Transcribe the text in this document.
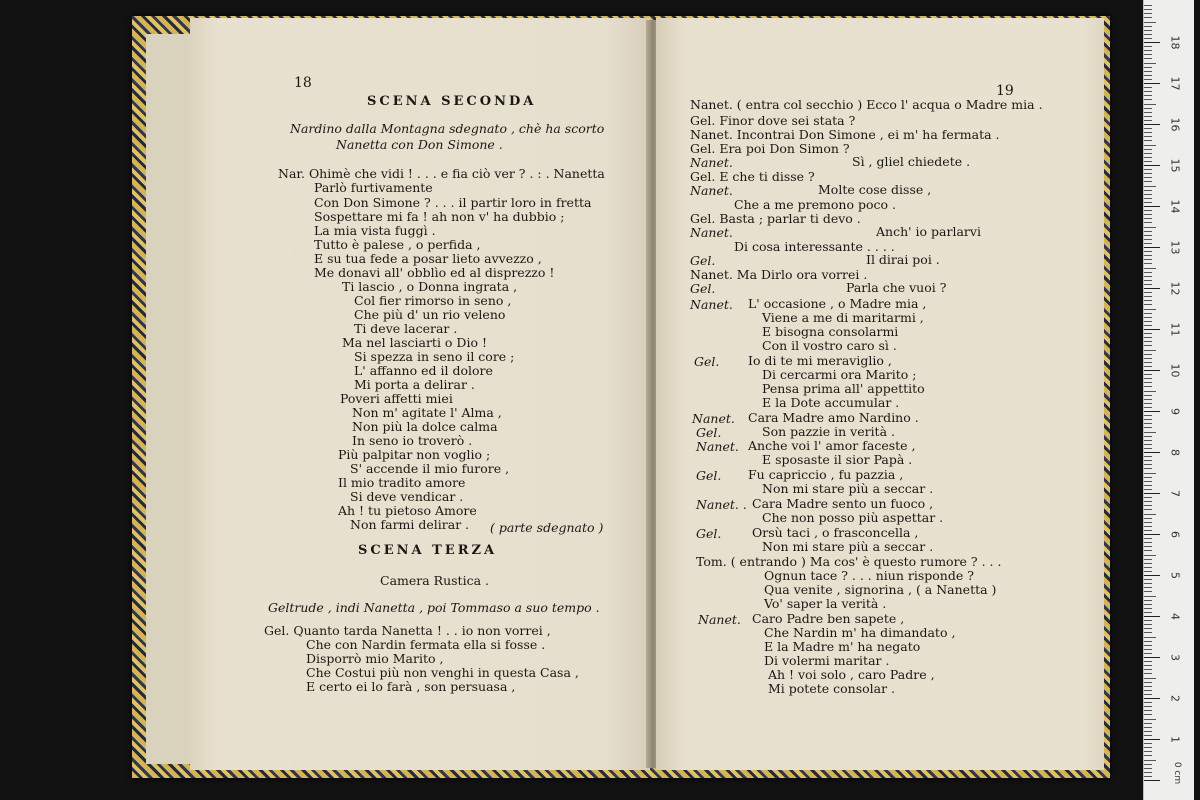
18
SCENA SECONDA
Nardino dalla Montagna sdegnato , chè ha scorto
Nanetta con Don Simone .
Nar. Ohimè che vidi ! . . . e fia ciò ver ? . : . Nanetta
Parlò furtivamente
Con Don Simone ? . . . il partir loro in fretta
Sospettare mi fa ! ah non v' ha dubbio ;
La mia vista fuggì .
Tutto è palese , o perfida ,
E su tua fede a posar lieto avvezzo ,
Me donavi all' obblìo ed al disprezzo !
Ti lascio , o Donna ingrata ,
Col fier rimorso in seno ,
Che più d' un rio veleno
Ti deve lacerar .
Ma nel lasciarti o Dio !
Si spezza in seno il core ;
L' affanno ed il dolore
Mi porta a delirar .
Poveri affetti miei
Non m' agitate l' Alma ,
Non più la dolce calma
In seno io troverò .
Più palpitar non voglio ;
S' accende il mio furore ,
Il mio tradito amore
Si deve vendicar .
Ah ! tu pietoso Amore
Non farmi delirar . ( parte sdegnato )
SCENA TERZA
Camera Rustica .
Geltrude , indi Nanetta , poi Tommaso a suo tempo .
Gel. Quanto tarda Nanetta ! . . io non vorrei ,
Che con Nardin fermata ella si fosse .
Disporrò mio Marito ,
Che Costui più non venghi in questa Casa ,
E certo ei lo farà , son persuasa ,
19
Nanet. ( entra col secchio ) Ecco l' acqua o Madre mia .
Gel. Finor dove sei stata ?
Nanet. Incontrai Don Simone , ei m' ha fermata .
Gel. Era poi Don Simon ?
Nanet.	Sì , gliel chiedete .
Gel. E che ti disse ?
Nanet.	Molte cose disse ,
Che a me premono poco .
Gel. Basta ; parlar ti devo .
Nanet.	Anch' io parlarvi
Di cosa interessante . . . .
Gel.	Il dirai poi .
Nanet. Ma Dirlo ora vorrei .
Gel.	Parla che vuoi ?
Nanet. L' occasione , o Madre mia ,
Viene a me di maritarmi ,
E bisogna consolarmi
Con il vostro caro sì .
Gel. Io di te mi meraviglio ,
Di cercarmi ora Marito ;
Pensa prima all' appettito
E la Dote accumular .
Nanet. Cara Madre amo Nardino .
Gel.	Son pazzie in verità .
Nanet. Anche voi l' amor faceste ,
E sposaste il sior Papà .
Gel. Fu capriccio , fu pazzia ,
Non mi stare più a seccar .
Nanet. . Cara Madre sento un fuoco ,
Che non posso più aspettar .
Gel. Orsù taci , o frasconcella ,
Non mi stare più a seccar .
Tom. ( entrando ) Ma cos' è questo rumore ? . . .
Ognun tace ? . . . niun risponde ?
Qua venite , signorina , ( a Nanetta )
Vo' saper la verità .
Nanet. Caro Padre ben sapete ,
Che Nardin m' ha dimandato ,
E la Madre m' ha negato
Di volermi maritar .
Ah ! voi solo , caro Padre ,
Mi potete consolar .
0 cm
1
2
3
4
5
6
7
8
9
10
11
12
13
14
15
16
17
18
